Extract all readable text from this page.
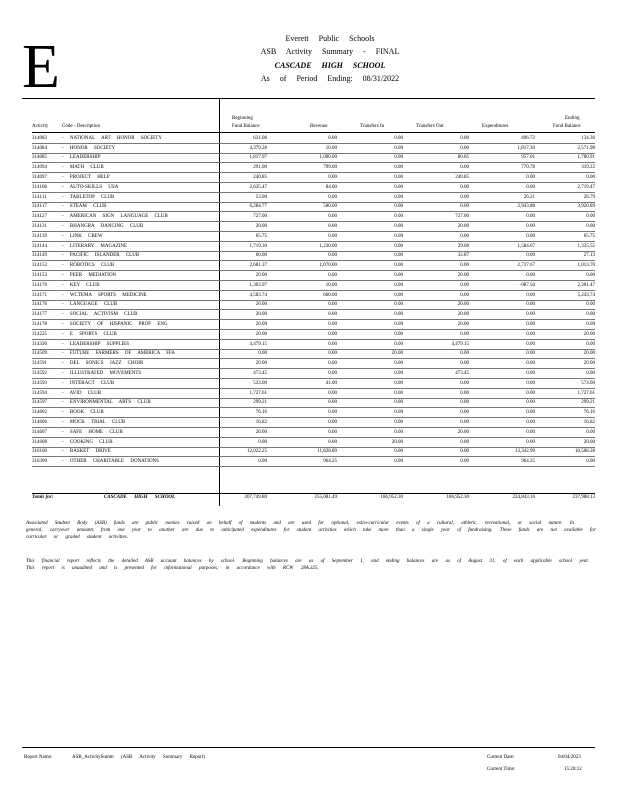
E	Everett Public Schools
ASB Activity Summary - FINAL
CASCADE HIGH SCHOOL
As of Period Ending: 08/31/2022
Activity	Code - Description
Beginning
Fund Balance	Revenue	Transfers In	Transfers Out	Expenditures
Ending
Fund Balance
314083	- NATIONAL ART HONOR SOCIETY	631.08	0.00	0.00	0.00	496.72	134.36
314084	- HONOR SOCIETY	4,379.28	10.00	0.00	0.00	1,817.30	2,571.98
314085	- LEADERSHIP	1,817.97	1,000.00	0.00	80.05	957.01	1,780.91
314094	- MATH CLUB	291.00	799.00	0.00	0.00	770.78	319.22
314097	- PROJECT HELP	240.85	0.00	0.00	240.85	0.00	0.00
314108	- AUTO-SKILLS USA	2,635.47	84.00	0.00	0.00	0.00	2,719.47
314111	- TABLETOP CLUB	53.00	0.00	0.00	0.00	26.21	26.79
314117	- STEAM CLUB	6,284.77	580.00	0.00	0.00	2,943.88	3,920.89
314127	- AMERICAN SIGN LANGUAGE CLUB	727.00	0.00	0.00	727.00	0.00	0.00
314131	- BHANGRA DANCING CLUB	20.00	0.00	0.00	20.00	0.00	0.00
314139	- LINK CREW	65.75	0.00	0.00	0.00	0.00	65.75
314144	- LITERARY MAGAZINE	1,719.30	1,230.00	0.00	29.08	1,584.67	1,335.55
314149	- PACIFIC ISLANDER CLUB	60.00	0.00	0.00	32.87	0.00	27.13
314152	- ROBOTICS CLUB	2,681.37	1,070.00	0.00	0.00	2,737.67	1,013.70
314153	- PEER MEDIATION	20.00	0.00	0.00	20.00	0.00	0.00
314170	- KEY CLUB	1,303.97	10.00	0.00	0.00	-987.50	2,301.47
314171	- WCTEMA SPORTS MEDICINE	4,583.74	660.00	0.00	0.00	0.00	5,243.74
314176	- LANGUAGE CLUB	20.00	0.00	0.00	20.00	0.00	0.00
314177	- SOCIAL ACTIVISM CLUB	20.00	0.00	0.00	20.00	0.00	0.00
314178	- SOCIETY OF HISPANIC PROF ENG	20.00	0.00	0.00	20.00	0.00	0.00
314225	- E SPORTS CLUB	20.00	0.00	0.00	0.00	0.00	20.00
314330	- LEADERSHIP SUPPLIES	4,479.15	0.00	0.00	4,479.15	0.00	0.00
314509	- FUTURE FARMERS OF AMERICA FFA	0.00	0.00	20.00	0.00	0.00	20.00
314591	- DEL SONICS JAZZ CHOIR	20.00	0.00	0.00	0.00	0.00	20.00
314592	- ILLUSTRATED MOVEMENTS	473.45	0.00	0.00	473.45	0.00	0.00
314593	- INTERACT CLUB	533.00	41.00	0.00	0.00	0.00	574.00
314594	- AVID CLUB	1,727.61	0.00	0.00	0.00	0.00	1,727.61
314597	- ENVIRONMENTAL ARTS CLUB	299.21	0.00	0.00	0.00	0.00	299.21
314602	- BOOK CLUB	76.16	0.00	0.00	0.00	0.00	76.16
314606	- MOCK TRIAL CLUB	16.82	0.00	0.00	0.00	0.00	16.82
314607	- SAFE HOME CLUB	20.00	0.00	0.00	20.00	0.00	0.00
314608	- COOKING CLUB	0.00	0.00	20.00	0.00	0.00	20.00
316100	- BASKET DRIVE	12,022.25	11,828.89	0.00	0.00	13,342.99	10,508.28
316300	- OTHER CHARITABLE DONATIONS	0.00	964.25	0.00	0.00	964.25	0.00
Totals for:	CASCADE HIGH SCHOOL	207,749.80	255,081.49	186,952.30	186,952.30	224,843.16	237,988.13
Associated Student Body (ASB) funds are public monies raised on behalf of students and are used for optional, extra-curricular events of a cultural, athletic, recreational, or social nature. In general, carryover amounts from one year to another are due to anticipated expenditures for student activities which take more than a single year of fundraising. These funds are not available for curricular or graded student activities.
This financial report reflects the detailed ASB account balances by school. Beginning balances are as of September 1, and ending balances are as of August 31, of each applicable school year. This report is unaudited and is presented for informational purposes, in accordance with RCW 28A.325.
Report Name:	ASB_ActivitySumm (ASB Activity Summary Report)	Current Date:	04/04/2023
Current Time:	15:20:12
